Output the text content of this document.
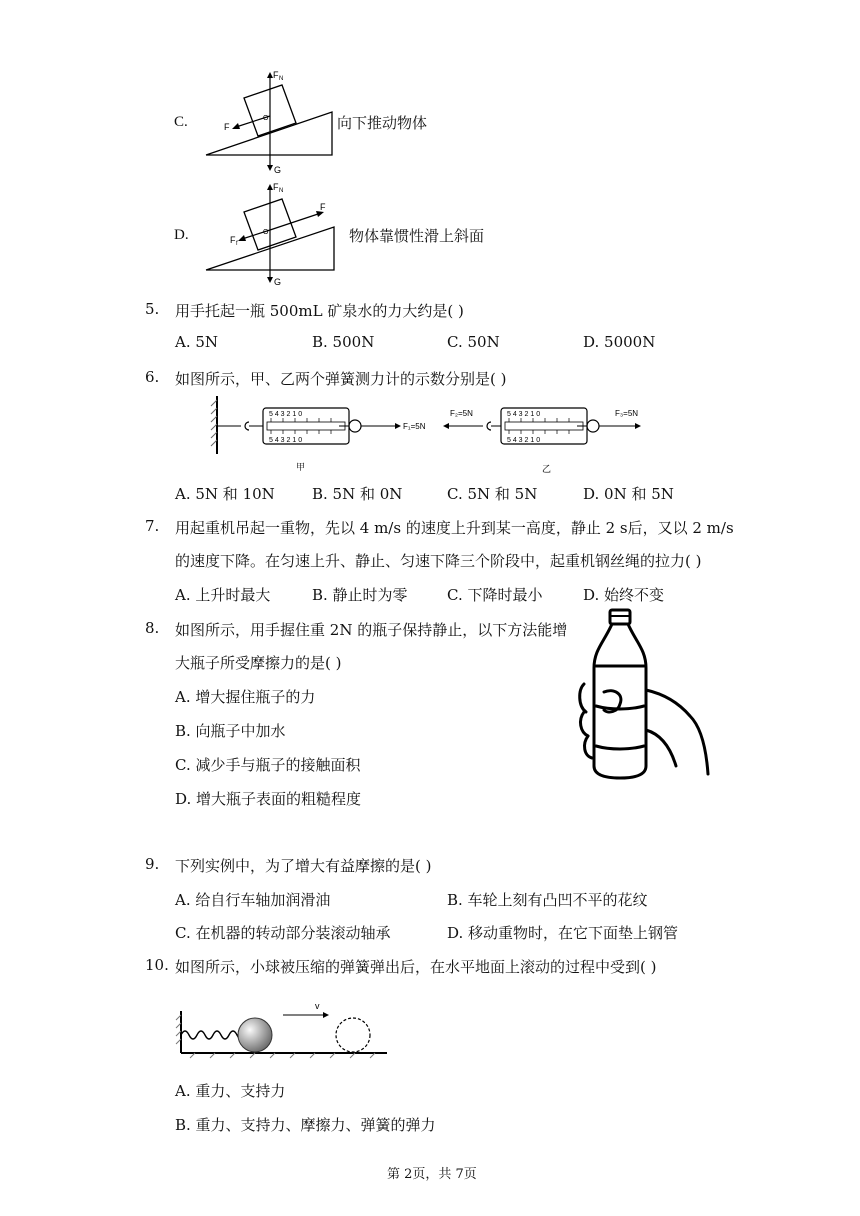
C.
F N
F
O
G
向下推动物体
D.
F N
F
F f
O
G
物体靠惯性滑上斜面
5. 用手托起一瓶 500mL 矿泉水的力大约是( )
A. 5N	B. 500N	C. 50N	D. 5000N
6. 如图所示，甲、乙两个弹簧测力计的示数分别是( )
5 4 3 2 1 0
5 4 3 2 1 0
F₁=5N
甲
F₂=5N	5 4 3 2 1 0
5 4 3 2 1 0
F₃=5N
乙
A. 5N 和 10N B. 5N 和 0N	C. 5N 和 5N	D. 0N 和 5N
7. 用起重机吊起一重物，先以 4 m/s 的速度上升到某一高度，静止 2 s后，又以 2 m/s
的速度下降。在匀速上升、静止、匀速下降三个阶段中，起重机钢丝绳的拉力( )
A. 上升时最大	B. 静止时为零	C. 下降时最小	D. 始终不变
8. 如图所示，用手握住重 2N 的瓶子保持静止，以下方法能增
大瓶子所受摩擦力的是( )
A. 增大握住瓶子的力
B. 向瓶子中加水
C. 减少手与瓶子的接触面积
D. 增大瓶子表面的粗糙程度
9. 下列实例中，为了增大有益摩擦的是( )
A. 给自行车轴加润滑油	B. 车轮上刻有凸凹不平的花纹
C. 在机器的转动部分装滚动轴承	D. 移动重物时，在它下面垫上钢管
10. 如图所示，小球被压缩的弹簧弹出后，在水平地面上滚动的过程中受到( )
v
A. 重力、支持力
B. 重力、支持力、摩擦力、弹簧的弹力
第 2页，共 7页
